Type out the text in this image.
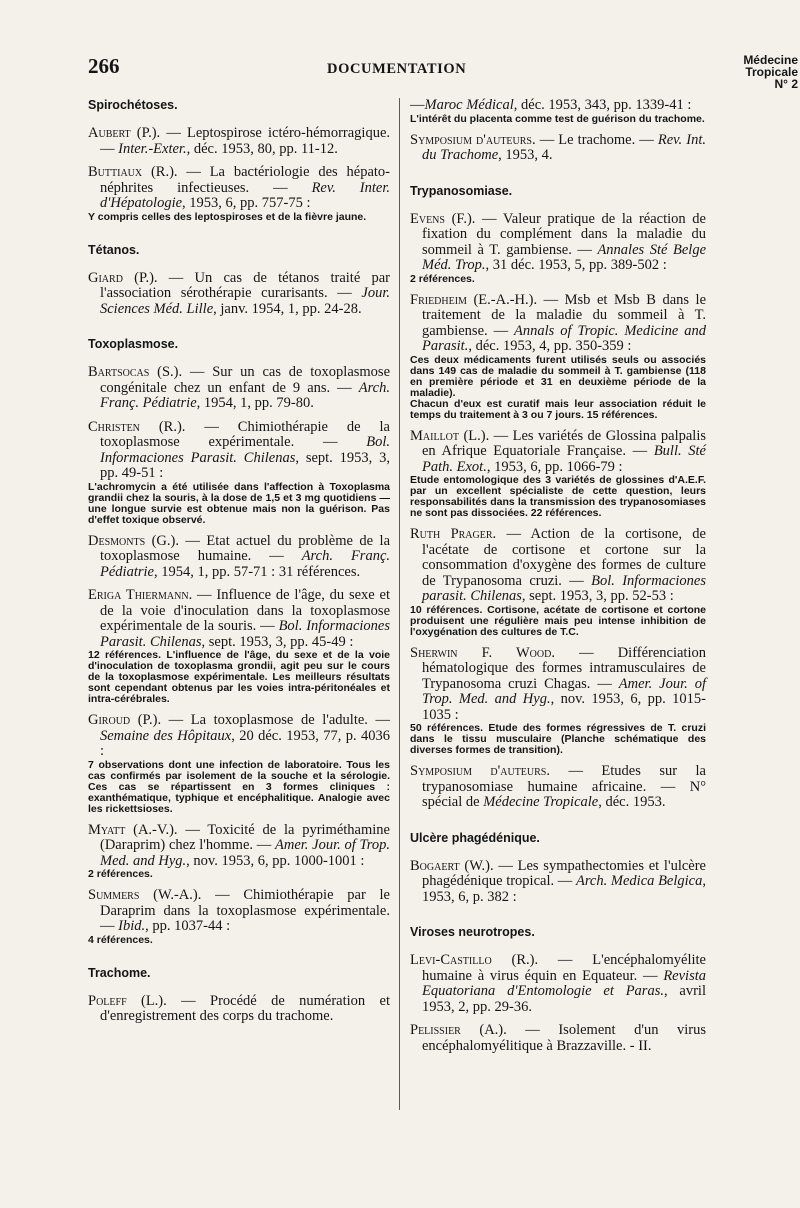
266	DOCUMENTATION
Médecine
Tropicale
N° 2
Spirochétoses.

Aubert (P.). — Leptospirose ictéro-hémorragique. — Inter.-Exter., déc. 1953, 80, pp. 11-12.

Buttiaux (R.). — La bactériologie des hépato-néphrites infectieuses. — Rev. Inter. d'Hépatologie, 1953, 6, pp. 757-75 :

Y compris celles des leptospiroses et de la fièvre jaune.

Tétanos.

Giard (P.). — Un cas de tétanos traité par l'association sérothérapie curarisants. — Jour. Sciences Méd. Lille, janv. 1954, 1, pp. 24-28.

Toxoplasmose.

Bartsocas (S.). — Sur un cas de toxoplasmose congénitale chez un enfant de 9 ans. — Arch. Franç. Pédiatrie, 1954, 1, pp. 79-80.

Christen (R.). — Chimiothérapie de la toxoplasmose expérimentale. — Bol. Informaciones Parasit. Chilenas, sept. 1953, 3, pp. 49-51 :

L'achromycin a été utilisée dans l'affection à Toxoplasma grandii chez la souris, à la dose de 1,5 et 3 mg quotidiens — une longue survie est obtenue mais non la guérison. Pas d'effet toxique observé.

Desmonts (G.). — Etat actuel du problème de la toxoplasmose humaine. — Arch. Franç. Pédiatrie, 1954, 1, pp. 57-71 : 31 références.

Eriga Thiermann. — Influence de l'âge, du sexe et de la voie d'inoculation dans la toxoplasmose expérimentale de la souris. — Bol. Informaciones Parasit. Chilenas, sept. 1953, 3, pp. 45-49 :

12 références. L'influence de l'âge, du sexe et de la voie d'inoculation de toxoplasma grondii, agit peu sur le cours de la toxoplasmose expérimentale. Les meilleurs résultats sont cependant obtenus par les voies intra-péritonéales et intra-cérébrales.

Giroud (P.). — La toxoplasmose de l'adulte. — Semaine des Hôpitaux, 20 déc. 1953, 77, p. 4036 :

7 observations dont une infection de laboratoire. Tous les cas confirmés par isolement de la souche et la sérologie. Ces cas se répartissent en 3 formes cliniques : exanthématique, typhique et encéphalitique. Analogie avec les rickettsioses.

Myatt (A.-V.). — Toxicité de la pyriméthamine (Daraprim) chez l'homme. — Amer. Jour. of Trop. Med. and Hyg., nov. 1953, 6, pp. 1000-1001 :

2 références.

Summers (W.-A.). — Chimiothérapie par le Daraprim dans la toxoplasmose expérimentale. — Ibid., pp. 1037-44 :

4 références.

Trachome.

Poleff (L.). — Procédé de numération et d'enregistrement des corps du trachome.

—Maroc Médical, déc. 1953, 343, pp. 1339-41 :

L'intérêt du placenta comme test de guérison du trachome.

Symposium d'auteurs. — Le trachome. — Rev. Int. du Trachome, 1953, 4.

Trypanosomiase.

Evens (F.). — Valeur pratique de la réaction de fixation du complément dans la maladie du sommeil à T. gambiense. — Annales Sté Belge Méd. Trop., 31 déc. 1953, 5, pp. 389-502 :

2 références.

Friedheim (E.-A.-H.). — Msb et Msb B dans le traitement de la maladie du sommeil à T. gambiense. — Annals of Tropic. Medicine and Parasit., déc. 1953, 4, pp. 350-359 :

Ces deux médicaments furent utilisés seuls ou associés dans 149 cas de maladie du sommeil à T. gambiense (118 en première période et 31 en deuxième période de la maladie).

Chacun d'eux est curatif mais leur association réduit le temps du traitement à 3 ou 7 jours. 15 références.

Maillot (L.). — Les variétés de Glossina palpalis en Afrique Equatoriale Française. — Bull. Sté Path. Exot., 1953, 6, pp. 1066-79 :

Etude entomologique des 3 variétés de glossines d'A.E.F. par un excellent spécialiste de cette question, leurs responsabilités dans la transmission des trypanosomiases ne sont pas dissociées. 22 références.

Ruth Prager. — Action de la cortisone, de l'acétate de cortisone et cortone sur la consommation d'oxygène des formes de culture de Trypanosoma cruzi. — Bol. Informaciones parasit. Chilenas, sept. 1953, 3, pp. 52-53 :

10 références. Cortisone, acétate de cortisone et cortone produisent une régulière mais peu intense inhibition de l'oxygénation des cultures de T.C.

Sherwin F. Wood. — Différenciation hématologique des formes intramusculaires de Trypanosoma cruzi Chagas. — Amer. Jour. of Trop. Med. and Hyg., nov. 1953, 6, pp. 1015-1035 :

50 références. Etude des formes régressives de T. cruzi dans le tissu musculaire (Planche schématique des diverses formes de transition).

Symposium d'auteurs. — Etudes sur la trypanosomiase humaine africaine. — N° spécial de Médecine Tropicale, déc. 1953.

Ulcère phagédénique.

Bogaert (W.). — Les sympathectomies et l'ulcère phagédénique tropical. — Arch. Medica Belgica, 1953, 6, p. 382 :

Viroses neurotropes.

Levi-Castillo (R.). — L'encéphalomyélite humaine à virus équin en Equateur. — Revista Equatoriana d'Entomologie et Paras., avril 1953, 2, pp. 29-36.

Pelissier (A.). — Isolement d'un virus encéphalomyélitique à Brazzaville. - II.
